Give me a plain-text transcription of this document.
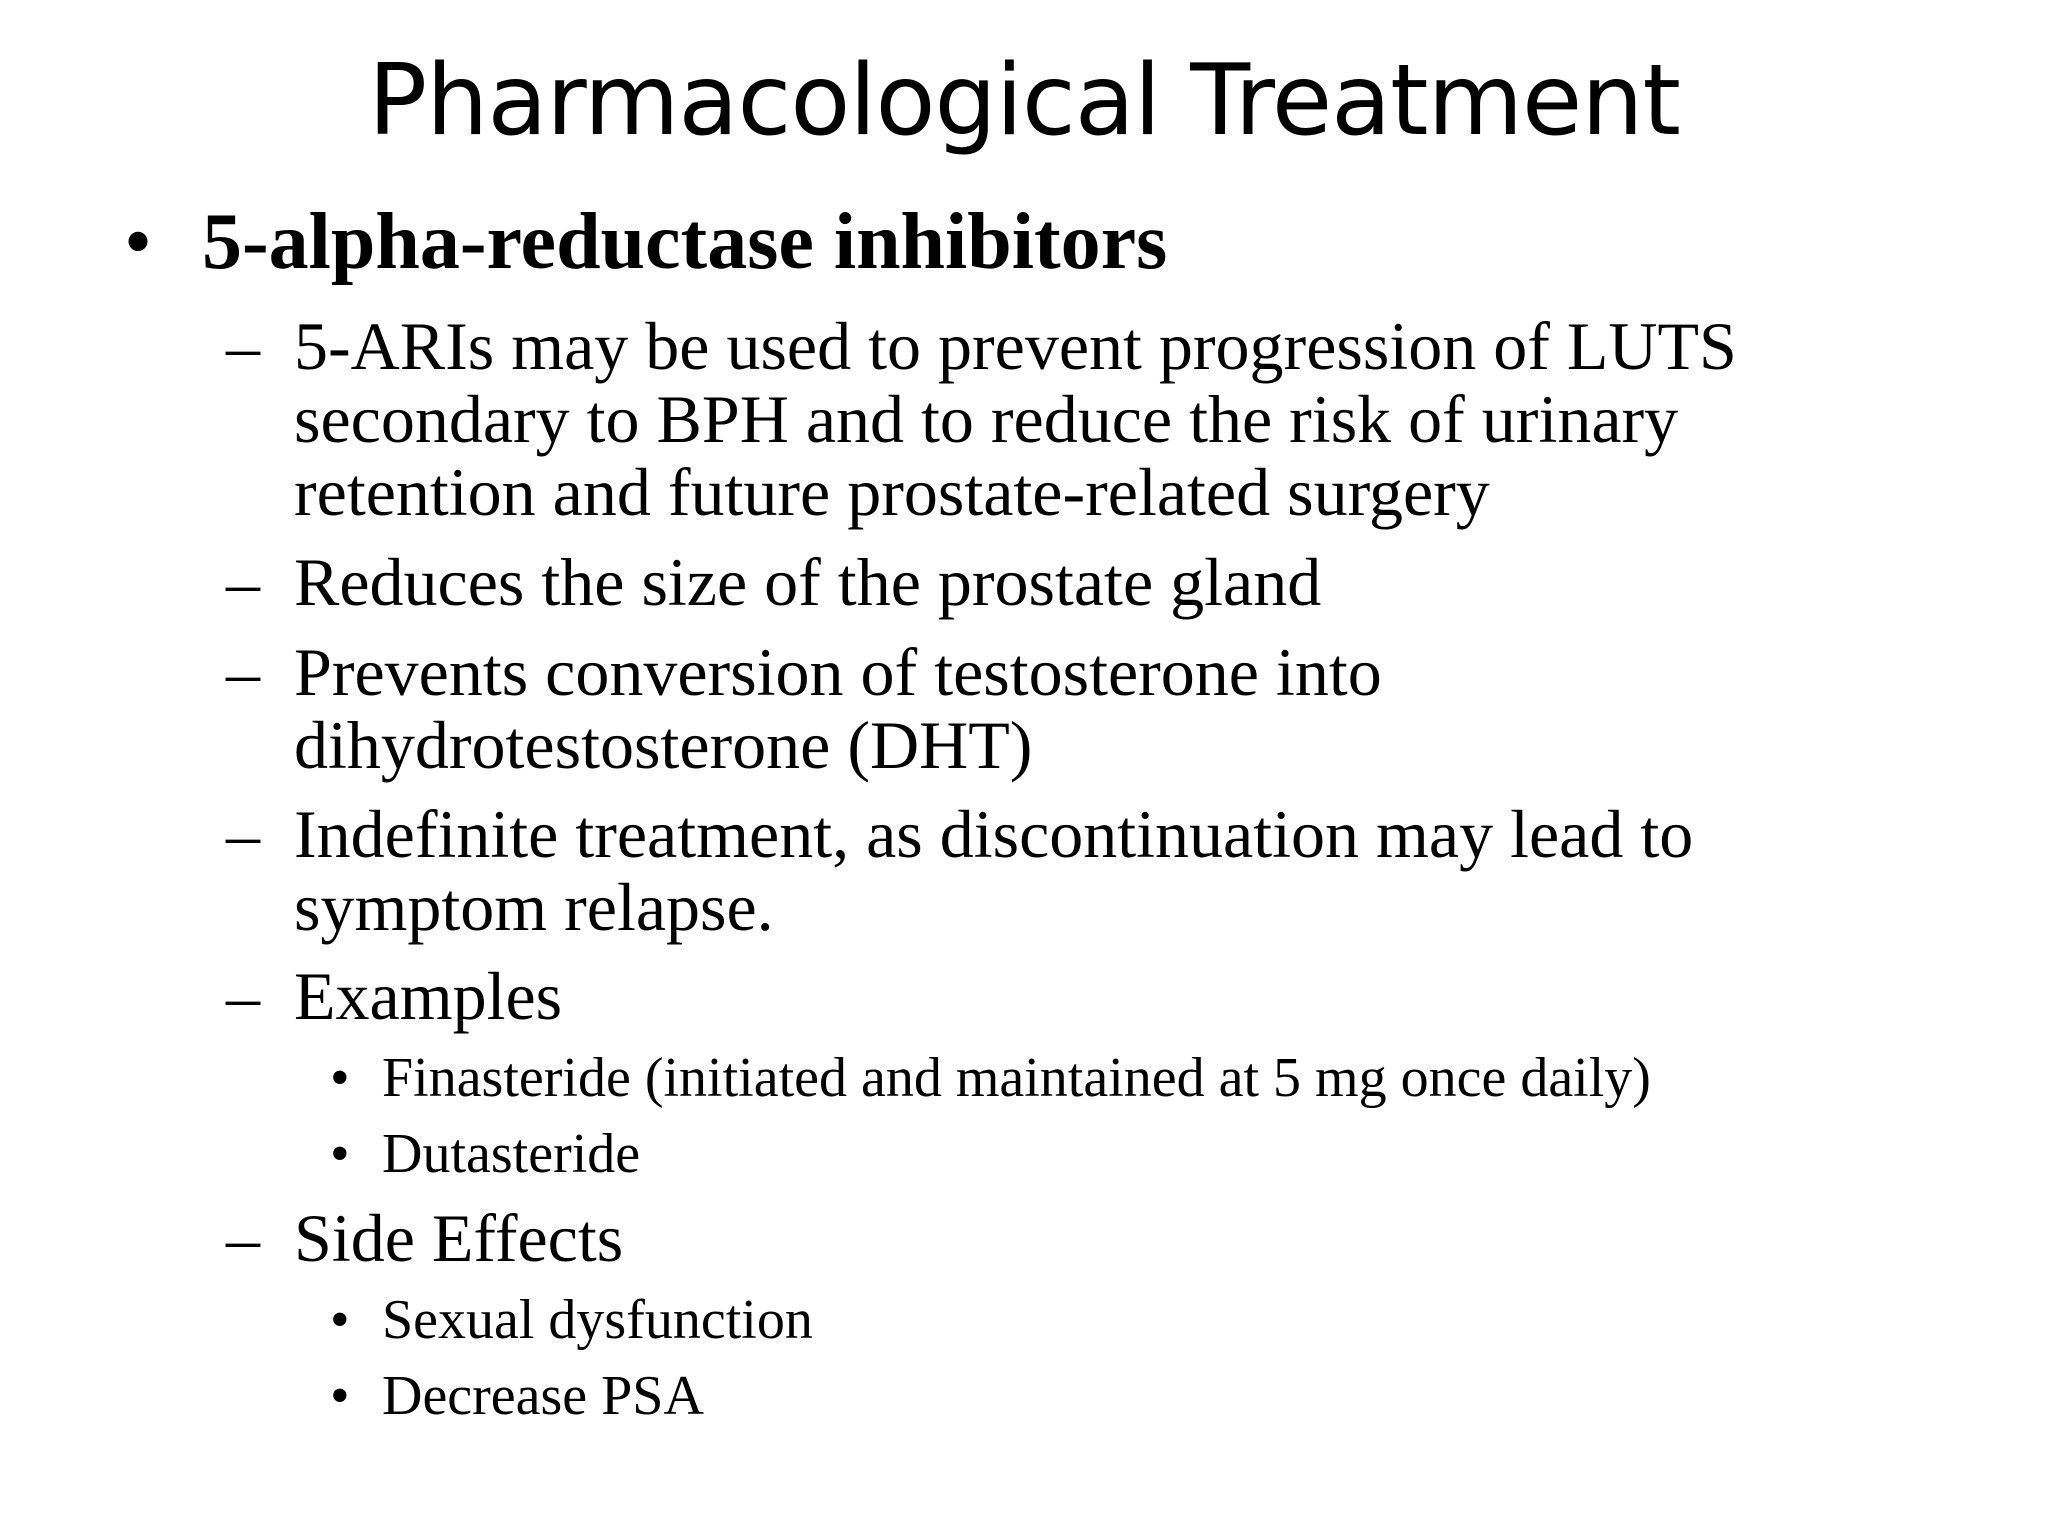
Pharmacological Treatment
• 5-alpha-reductase inhibitors
– 5-ARIs may be used to prevent progression of LUTS
secondary to BPH and to reduce the risk of urinary
retention and future prostate-related surgery
– Reduces the size of the prostate gland
– Prevents conversion of testosterone into
dihydrotestosterone (DHT)
– Indefinite treatment, as discontinuation may lead to
symptom relapse.
– Examples
• Finasteride (initiated and maintained at 5 mg once daily)
• Dutasteride
– Side Effects
• Sexual dysfunction
• Decrease PSA
